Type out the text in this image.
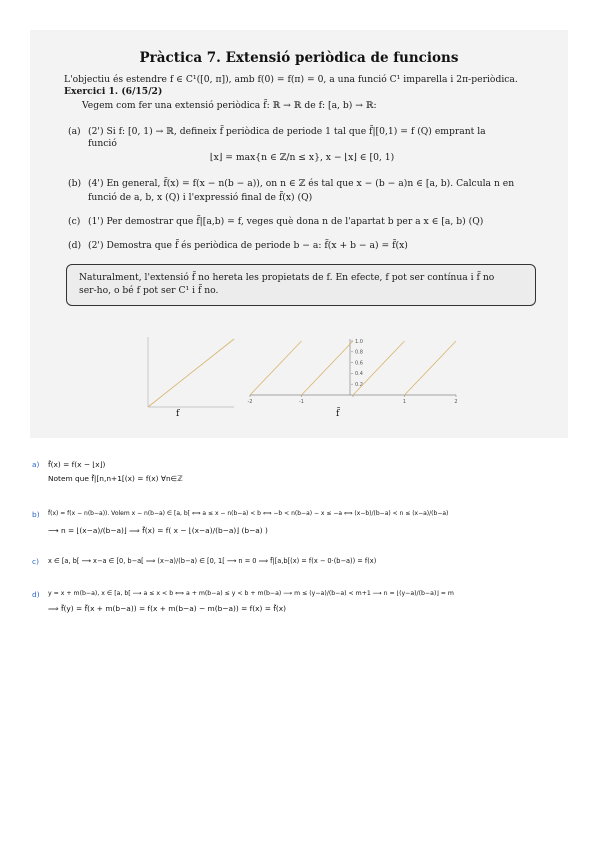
Pràctica 7. Extensió periòdica de funcions
L'objectiu és estendre f ∈ C¹([0, π]), amb f(0) = f(π) = 0, a una funció C¹ imparella i 2π-periòdica.
Exercici 1. (6/15/2)
Vegem com fer una extensió periòdica f̃: ℝ → ℝ de f: [a, b) → ℝ:
(a) (2') Si f: [0, 1) → ℝ, defineix f̃ periòdica de periode 1 tal que f̃|[0,1) = f (Q) emprant la
funció
⌊x⌋ = max{n ∈ ℤ/n ≤ x}, x − ⌊x⌋ ∈ [0, 1)
(b) (4') En general, f̃(x) = f(x − n(b − a)), on n ∈ ℤ és tal que x − (b − a)n ∈ [a, b). Calcula n en
funció de a, b, x (Q) i l'expressió final de f̃(x) (Q)
(c) (1') Per demostrar que f̃|[a,b) = f, veges què dona n de l'apartat b per a x ∈ [a, b) (Q)
(d) (2') Demostra que f̃ és periòdica de periode b − a: f̃(x + b − a) = f̃(x)
Naturalment, l'extensió f̃ no hereta les propietats de f. En efecte, f pot ser contínua i f̃ no
ser-ho, o bé f pot ser C¹ i f̃ no.
f
-2	-1	1	2
0.2
0.4
0.6
0.8
1.0
f̃
a) f̃(x) = f(x − ⌊x⌋)
Notem que f̃|[n,n+1[(x) = f(x) ∀n∈ℤ
b) f̃(x) = f(x − n(b−a)). Volem x − n(b−a) ∈ [a, b[ ⟺ a ≤ x − n(b−a) < b ⟺ −b < n(b−a) − x ≤ −a ⟺ (x−b)/(b−a) < n ≤ (x−a)/(b−a)
⟶ n = ⌊(x−a)/(b−a)⌋ ⟹ f̃(x) = f( x − ⌊(x−a)/(b−a)⌋ (b−a) )
c) x ∈ [a, b[ ⟶ x−a ∈ [0, b−a[ ⟹ (x−a)/(b−a) ∈ [0, 1[ ⟶ n = 0 ⟹ f̃|[a,b[(x) = f(x − 0·(b−a)) = f(x)
d) y = x + m(b−a), x ∈ [a, b[ ⟶ a ≤ x < b ⟺ a + m(b−a) ≤ y < b + m(b−a) ⟶ m ≤ (y−a)/(b−a) < m+1 ⟶ n = ⌊(y−a)/(b−a)⌋ = m
⟹ f̃(y) = f̃(x + m(b−a)) = f(x + m(b−a) − m(b−a)) = f(x) = f̃(x)
